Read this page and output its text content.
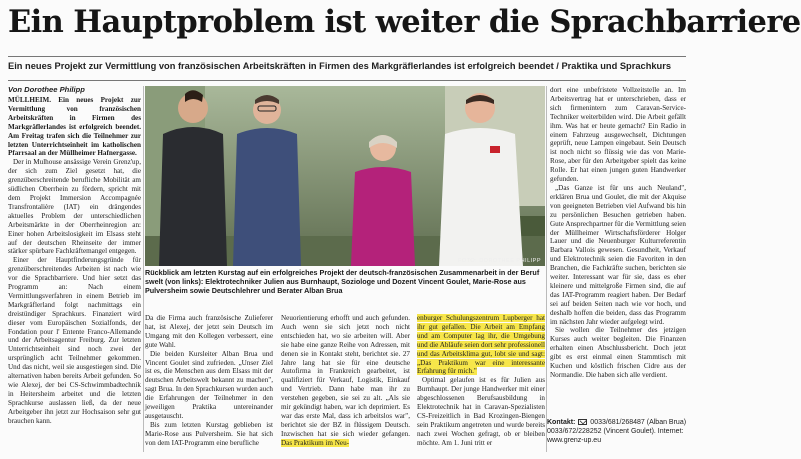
Ein Hauptproblem ist weiter die Sprachbarriere
Ein neues Projekt zur Vermittlung von französischen Arbeitskräften in Firmen des Markgräflerlandes ist erfolgreich beendet / Praktika und Sprachkurs
Von Dorothee Philipp

MÜLLHEIM. Ein neues Projekt zur Vermittlung von französischen Arbeitskräften in Firmen des Markgräflerlandes ist erfolgreich beendet. Am Freitag trafen sich die Teilnehmer zur letzten Unterrichtseinheit im katholischen Pfarrsaal an der Müllheimer Hafnergasse.

Der in Mulhouse ansässige Verein Grenz'up, der sich zum Ziel gesetzt hat, die grenzüberschreitende berufliche Mobilität am südlichen Oberrhein zu fördern, spricht mit dem Projekt Immersion Accompagnée Transfrontalière (IAT) ein drängendes aktuelles Problem der unterschiedlichen Arbeitsmärkte in der Oberrheinregion an: Einer hohen Arbeitslosigkeit im Elsass steht auf der deutschen Rheinseite der immer stärker spürbare Fachkräftemangel entgegen.

Einer der Hauptfinderungsgründe für grenzüberschreitendes Arbeiten ist nach wie vor die Sprachbarriere. Und hier setzt das Programm an: Nach einem Vermittlungsverfahren in einem Betrieb im Markgräflerland folgt nachmittags ein dreistündiger Sprachkurs. Finanziert wird dieser vom Europäischen Sozialfonds, der Fondation pour l' Entente Franco-Allemande und der Arbeitsagentur Freiburg. Zur letzten Unterrichtseinheit sind noch zwei der ursprünglich acht Teilnehmer gekommen. Und das nicht, weil sie ausgestiegen sind. Die alternativen haben bereits Arbeit gefunden. So wie Alexej, der bei CS-Schwimmbadtechnik in Heitersheim arbeitet und die letzten Sprachkurse auslassen ließ, da der neue Arbeitgeber ihn jetzt zur Hochsaison sehr gut brauchen kann.

FOTO: DOROTHEE PHILIPP
Rückblick am letzten Kurstag auf ein erfolgreiches Projekt der deutsch-französischen Zusammenarbeit in der Beruf swelt (von links): Elektrotechniker Julien aus Burnhaupt, Soziologe und Dozent Vincent Goulet, Marie-Rose aus Pulversheim sowie Deutschlehrer und Berater Alban Brua

Da die Firma auch französische Zulieferer hat, ist Alexej, der jetzt sein Deutsch im Umgang mit den Kollegen verbessert, eine gute Wahl.

Die beiden Kursleiter Alban Brua und Vincent Goulet sind zufrieden. „Unser Ziel ist es, die Menschen aus dem Elsass mit der deutschen Arbeitswelt bekannt zu machen", sagt Brua. In den Sprachkursen wurden auch die Erfahrungen der Teilnehmer in den jeweiligen Praktika untereinander ausgetauscht.

Bis zum letzten Kurstag geblieben ist Marie-Rose aus Pulversheim. Sie hat sich von dem IAT-Programm eine berufliche

Neuorientierung erhofft und auch gefunden. Auch wenn sie sich jetzt noch nicht entschieden hat, wo sie arbeiten will. Aber sie habe eine ganze Reihe von Adressen, mit denen sie in Kontakt steht, berichtet sie. 27 Jahre lang hat sie für eine deutsche Autofirma in Frankreich gearbeitet, ist qualifiziert für Verkauf, Logistik, Einkauf und Vertrieb. Dann habe man ihr zu verstehen gegeben, sie sei zu alt. „Als sie mir gekündigt haben, war ich deprimiert. Es war das erste Mal, dass ich arbeitslos war", berichtet sie der BZ in flüssigem Deutsch. Inzwischen hat sie sich wieder gefangen. Das Praktikum im Neu-

enburger Schulungszentrum Lupberger hat ihr gut gefallen. Die Arbeit am Empfang und am Computer lag ihr, die Umgebung und die Abläufe seien dort sehr professionell und das Arbeitsklima gut, lobt sie und sagt: „Das Praktikum war eine interessante Erfahrung für mich."

Optimal gelaufen ist es für Julien aus Burnhaupt. Der junge Handwerker mit einer abgeschlossenen Berufsausbildung in Elektrotechnik hat in Caravan-Spezialisten CS-Freizeitlich in Bad Krozingen-Biengen sein Praktikum angetreten und wurde bereits nach zwei Wochen gefragt, ob er bleiben möchte. Am 1. Juni tritt er

dort eine unbefristete Vollzeitstelle an. Im Arbeitsvertrag hat er unterschrieben, dass er sich firmenintern zum Caravan-Service-Techniker weiterbilden wird. Die Arbeit gefällt ihm. Was hat er heute gemacht? Ein Radio in einem Fahrzeug ausgewechselt, Dichtungen geprüft, neue Lampen eingebaut. Sein Deutsch ist noch nicht so flüssig wie das von Marie-Rose, aber für den Arbeitgeber spielt das keine Rolle. Er hat einen jungen guten Handwerker gefunden.

„Das Ganze ist für uns auch Neuland", erklären Brua und Goulet, die mit der Akquise von geeigneten Betrieben viel Aufwand bis hin zu persönlichen Besuchen getrieben haben. Gute Ansprechpartner für die Vermittlung seien der Müllheimer Wirtschaftsförderer Holger Lauer und die Neuenburger Kulturreferentin Barbara Vallois gewesen. Gesundheit, Verkauf und Elektrotechnik seien die Favoriten in den Branchen, die Fachkräfte suchen, berichten sie weiter. Interessant war für sie, dass es eher kleinere und mittelgroße Firmen sind, die auf das IAT-Programm reagiert haben. Der Bedarf sei auf beiden Seiten nach wie vor hoch, und deshalb hoffen die beiden, dass das Programm im nächsten Jahr wieder aufgelegt wird.

Sie wollen die Teilnehmer des jetzigen Kurses auch weiter begleiten. Die Finanzen erhalten einen Abschlussbericht. Doch jetzt gibt es erst einmal einen Stammtisch mit Kuchen und köstlich frischen Cidre aus der Normandie. Die haben sich alle verdient.

Kontakt: 0033/681/268487 (Alban Brua) 0033/672/228252 (Vincent Goulet). Internet: www.grenz-up.eu
